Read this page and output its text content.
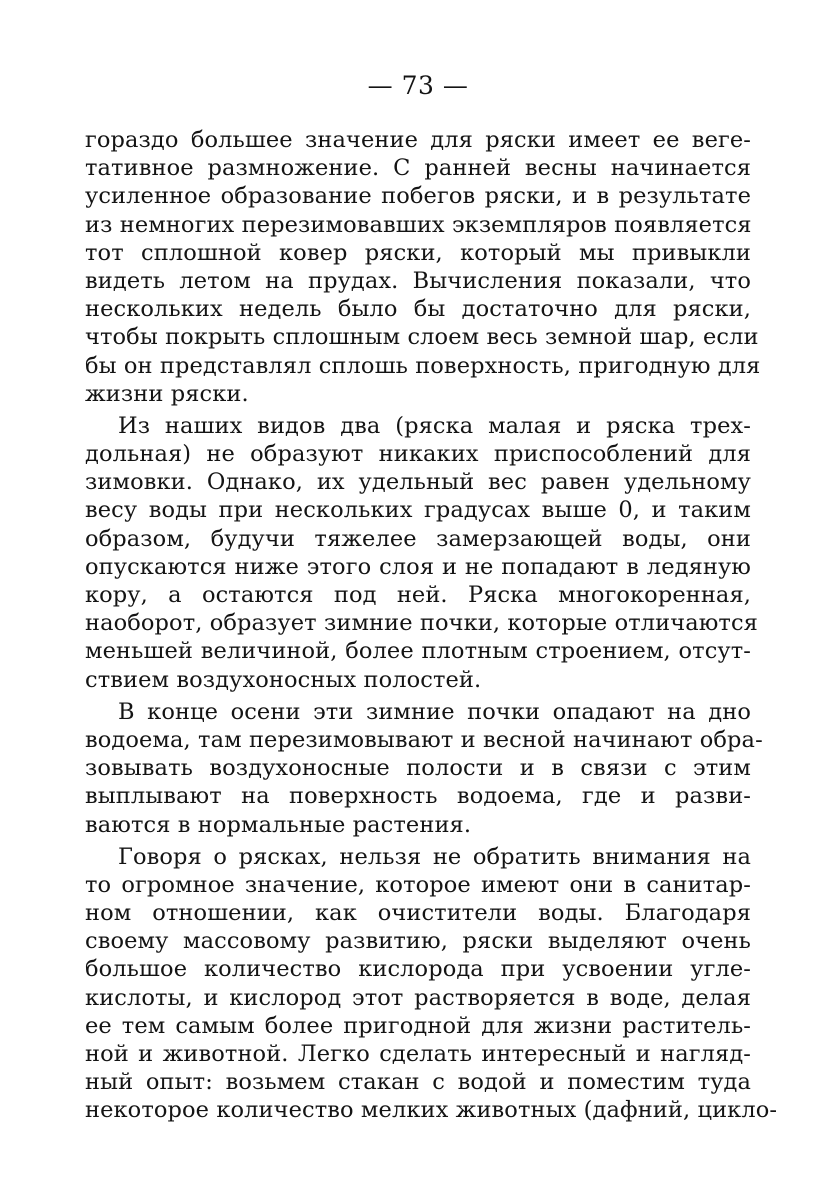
— 73 —
гораздо большее значение для ряски имеет ее веге-
тативное размножение. С ранней весны начинается
усиленное образование побегов ряски, и в результате
из немногих перезимовавших экземпляров появляется
тот сплошной ковер ряски, который мы привыкли
видеть летом на прудах. Вычисления показали, что
нескольких недель было бы достаточно для ряски,
чтобы покрыть сплошным слоем весь земной шар, если
бы он представлял сплошь поверхность, пригодную для
жизни ряски.
Из наших видов два (ряска малая и ряска трех-
дольная) не образуют никаких приспособлений для
зимовки. Однако, их удельный вес равен удельному
весу воды при нескольких градусах выше 0, и таким
образом, будучи тяжелее замерзающей воды, они
опускаются ниже этого слоя и не попадают в ледяную
кору, а остаются под ней. Ряска многокоренная,
наоборот, образует зимние почки, которые отличаются
меньшей величиной, более плотным строением, отсут-
ствием воздухоносных полостей.
В конце осени эти зимние почки опадают на дно
водоема, там перезимовывают и весной начинают обра-
зовывать воздухоносные полости и в связи с этим
выплывают на поверхность водоема, где и разви-
ваются в нормальные растения.
Говоря о рясках, нельзя не обратить внимания на
то огромное значение, которое имеют они в санитар-
ном отношении, как очистители воды. Благодаря
своему массовому развитию, ряски выделяют очень
большое количество кислорода при усвоении угле-
кислоты, и кислород этот растворяется в воде, делая
ее тем самым более пригодной для жизни раститель-
ной и животной. Легко сделать интересный и нагляд-
ный опыт: возьмем стакан с водой и поместим туда
некоторое количество мелких животных (дафний, цикло-
